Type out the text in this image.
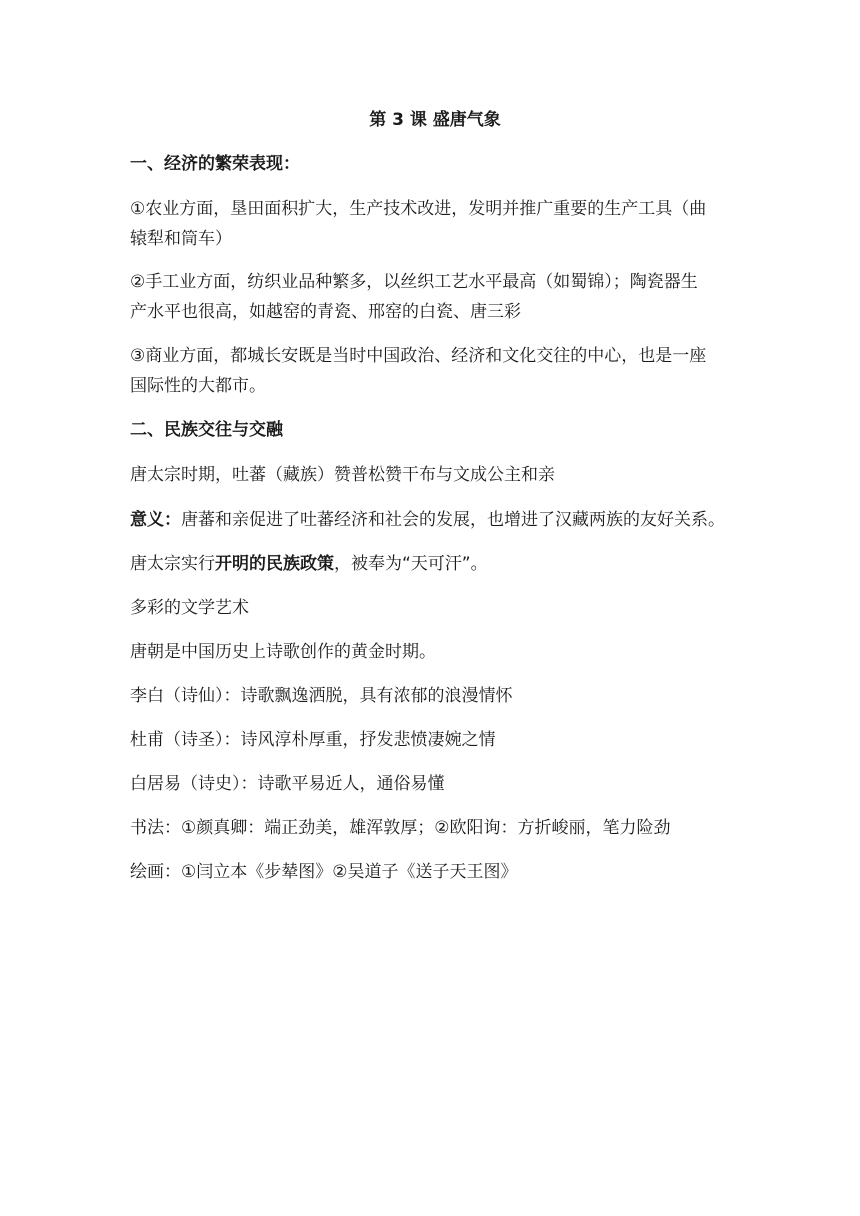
第 3 课 盛唐气象

一、经济的繁荣表现：

①农业方面，垦田面积扩大，生产技术改进，发明并推广重要的生产工具（曲

辕犁和筒车）

②手工业方面，纺织业品种繁多，以丝织工艺水平最高（如蜀锦）；陶瓷器生

产水平也很高，如越窑的青瓷、邢窑的白瓷、唐三彩

③商业方面，都城长安既是当时中国政治、经济和文化交往的中心，也是一座

国际性的大都市。

二、民族交往与交融

唐太宗时期，吐蕃（藏族）赞普松赞干布与文成公主和亲

意义：唐蕃和亲促进了吐蕃经济和社会的发展，也增进了汉藏两族的友好关系。

唐太宗实行开明的民族政策，被奉为“天可汗”。

多彩的文学艺术

唐朝是中国历史上诗歌创作的黄金时期。

李白（诗仙）：诗歌飘逸洒脱，具有浓郁的浪漫情怀

杜甫（诗圣）：诗风淳朴厚重，抒发悲愤凄婉之情

白居易（诗史）：诗歌平易近人，通俗易懂

书法：①颜真卿：端正劲美，雄浑敦厚；②欧阳询：方折峻丽，笔力险劲

绘画：①闫立本《步辇图》②吴道子《送子天王图》
